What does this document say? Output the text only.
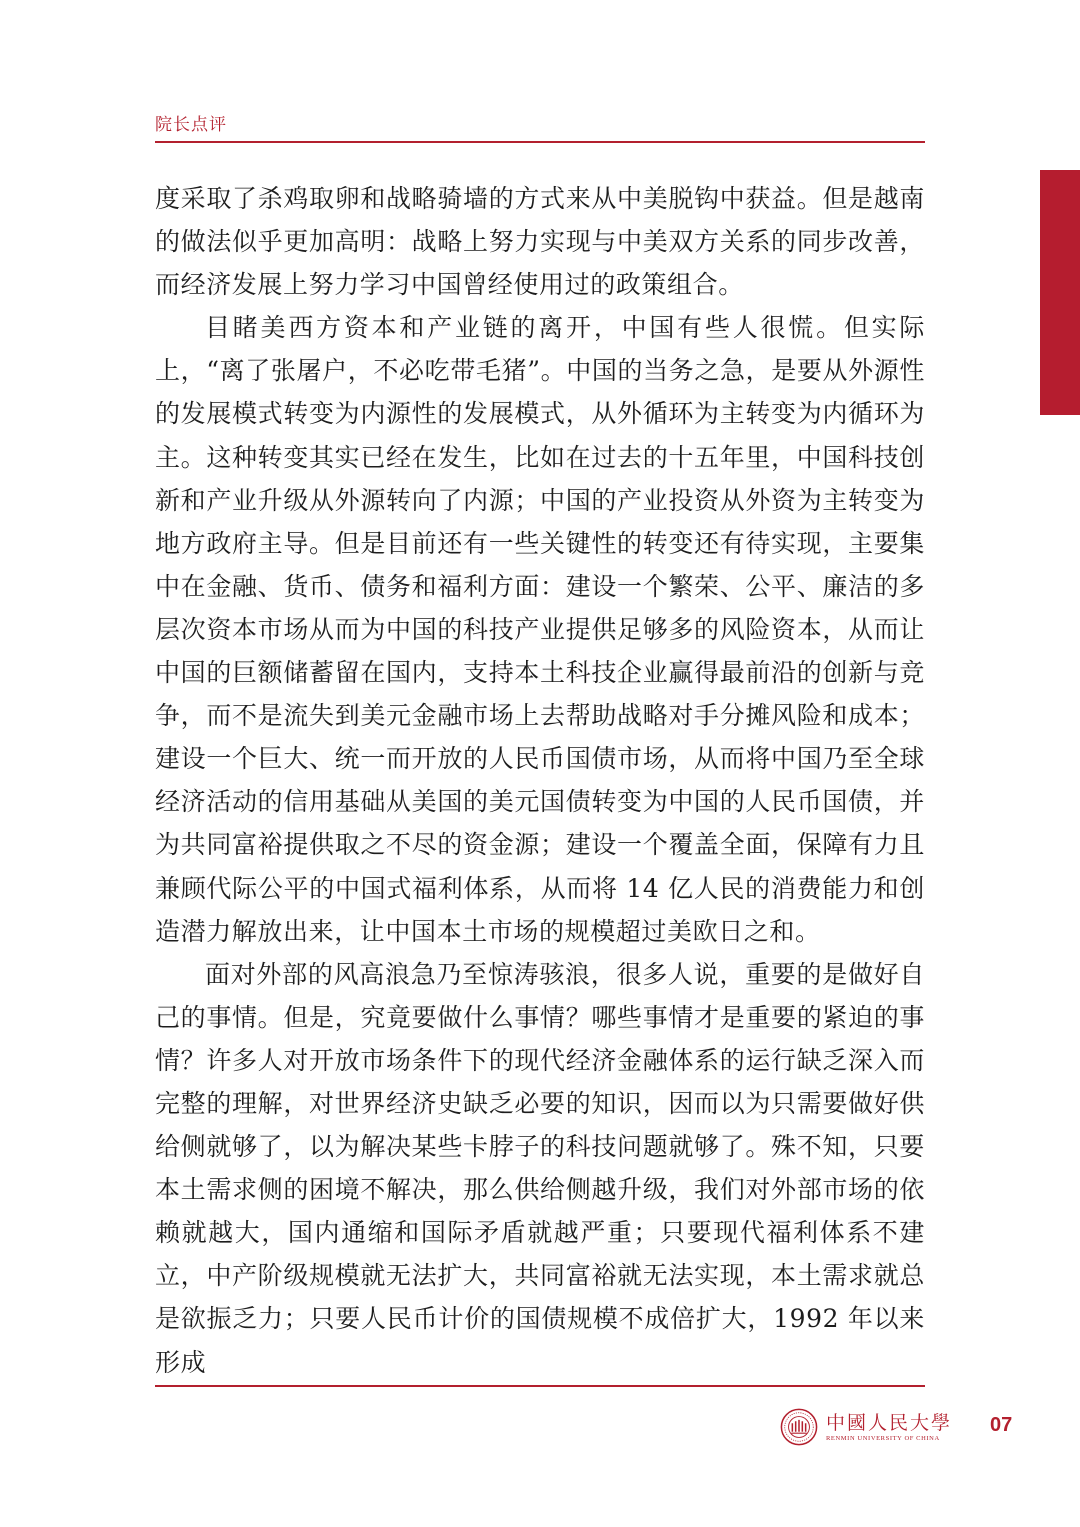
院长点评

度采取了杀鸡取卵和战略骑墙的方式来从中美脱钩中获益。但是越南的做法似乎更加高明：战略上努力实现与中美双方关系的同步改善，而经济发展上努力学习中国曾经使用过的政策组合。

目睹美西方资本和产业链的离开，中国有些人很慌。但实际上，“离了张屠户，不必吃带毛猪”。中国的当务之急，是要从外源性的发展模式转变为内源性的发展模式，从外循环为主转变为内循环为主。这种转变其实已经在发生，比如在过去的十五年里，中国科技创新和产业升级从外源转向了内源；中国的产业投资从外资为主转变为地方政府主导。但是目前还有一些关键性的转变还有待实现，主要集中在金融、货币、债务和福利方面：建设一个繁荣、公平、廉洁的多层次资本市场从而为中国的科技产业提供足够多的风险资本，从而让中国的巨额储蓄留在国内，支持本土科技企业赢得最前沿的创新与竞争，而不是流失到美元金融市场上去帮助战略对手分摊风险和成本；建设一个巨大、统一而开放的人民币国债市场，从而将中国乃至全球经济活动的信用基础从美国的美元国债转变为中国的人民币国债，并为共同富裕提供取之不尽的资金源；建设一个覆盖全面，保障有力且兼顾代际公平的中国式福利体系，从而将 14 亿人民的消费能力和创造潜力解放出来，让中国本土市场的规模超过美欧日之和。

面对外部的风高浪急乃至惊涛骇浪，很多人说，重要的是做好自己的事情。但是，究竟要做什么事情？哪些事情才是重要的紧迫的事情？许多人对开放市场条件下的现代经济金融体系的运行缺乏深入而完整的理解，对世界经济史缺乏必要的知识，因而以为只需要做好供给侧就够了，以为解决某些卡脖子的科技问题就够了。殊不知，只要本土需求侧的困境不解决，那么供给侧越升级，我们对外部市场的依赖就越大，国内通缩和国际矛盾就越严重；只要现代福利体系不建立，中产阶级规模就无法扩大，共同富裕就无法实现，本土需求就总是欲振乏力；只要人民币计价的国债规模不成倍扩大，1992 年以来形成

中國人民大學
RENMIN UNIVERSITY OF CHINA
07
